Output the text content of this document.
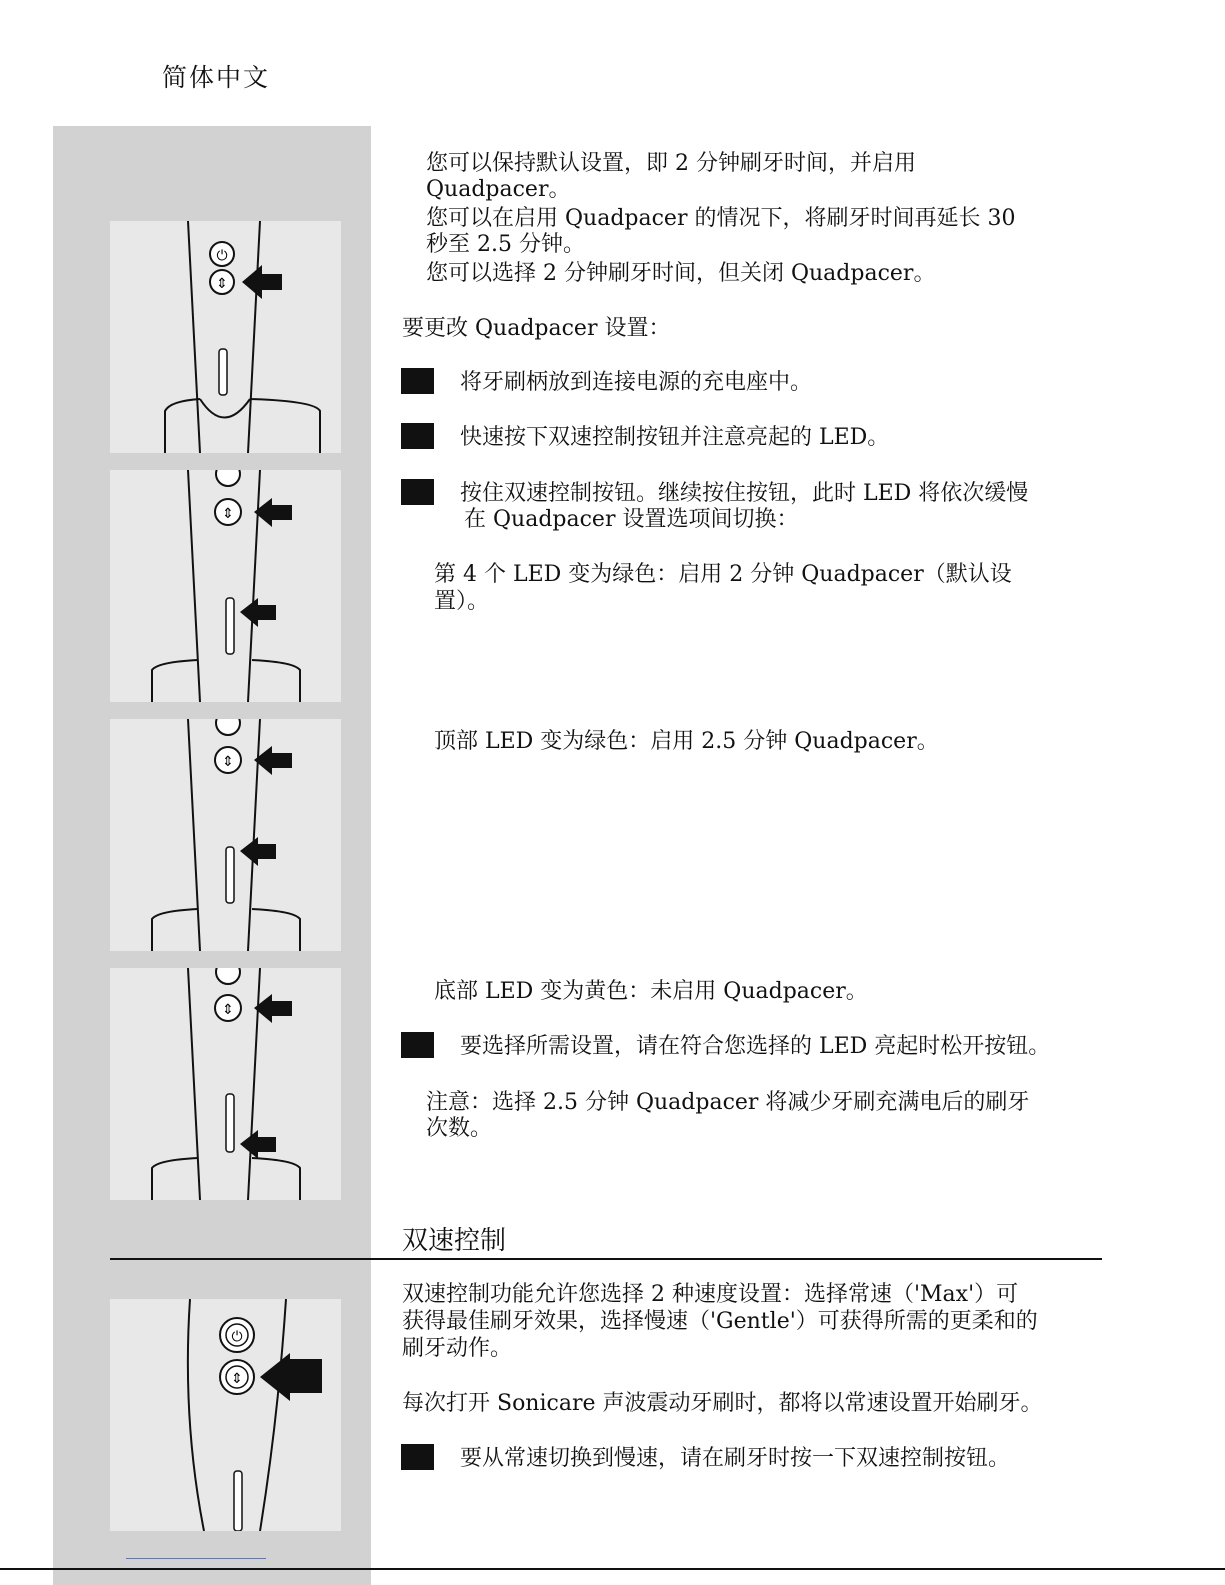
简体中文
⏻
⇕
⇕
⇕
⇕
⏻
⇕
您可以保持默认设置，即 2 分钟刷牙时间，并启用
Quadpacer。
您可以在启用 Quadpacer 的情况下，将刷牙时间再延长 30
秒至 2.5 分钟。
您可以选择 2 分钟刷牙时间，但关闭 Quadpacer。
要更改 Quadpacer 设置：
将牙刷柄放到连接电源的充电座中。
快速按下双速控制按钮并注意亮起的 LED。
按住双速控制按钮。继续按住按钮，此时 LED 将依次缓慢
在 Quadpacer 设置选项间切换：
第 4 个 LED 变为绿色：启用 2 分钟 Quadpacer（默认设
置）。
顶部 LED 变为绿色：启用 2.5 分钟 Quadpacer。
底部 LED 变为黄色：未启用 Quadpacer。
要选择所需设置，请在符合您选择的 LED 亮起时松开按钮。
注意：选择 2.5 分钟 Quadpacer 将减少牙刷充满电后的刷牙
次数。
双速控制
双速控制功能允许您选择 2 种速度设置：选择常速（'Max'）可
获得最佳刷牙效果，选择慢速（'Gentle'）可获得所需的更柔和的
刷牙动作。
每次打开 Sonicare 声波震动牙刷时，都将以常速设置开始刷牙。
要从常速切换到慢速，请在刷牙时按一下双速控制按钮。
